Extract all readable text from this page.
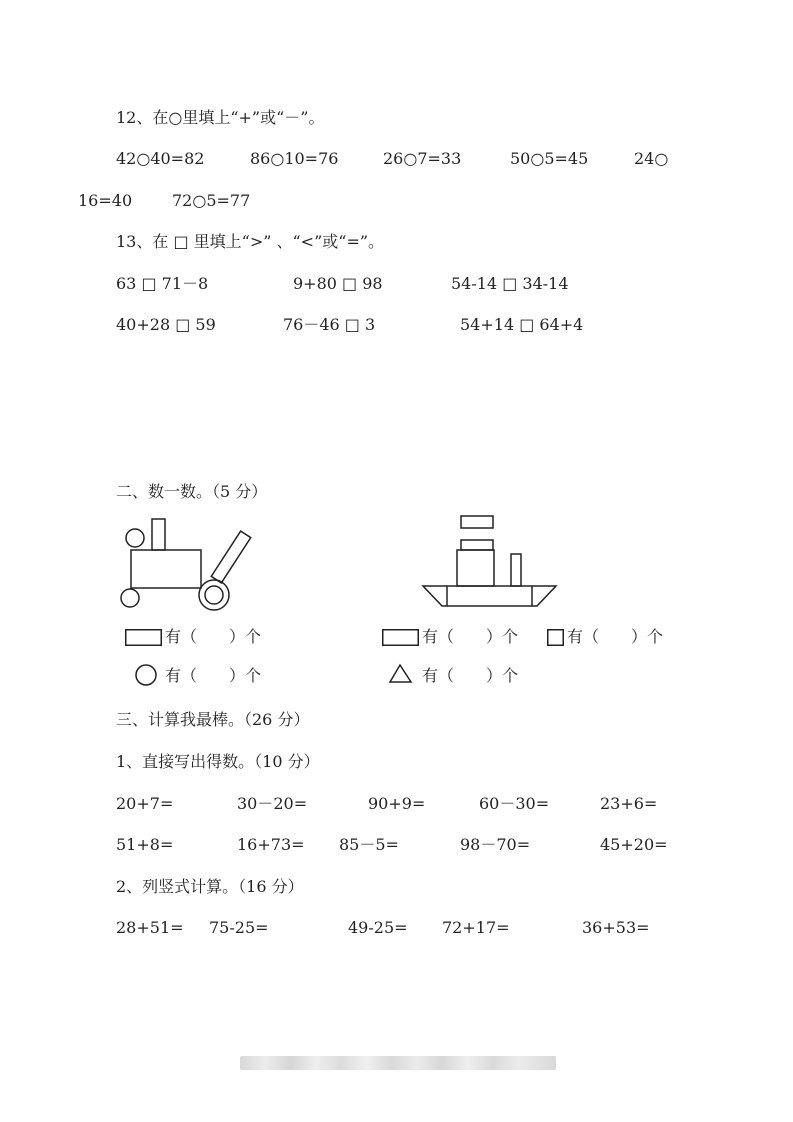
12、在○里填上“+”或“－”。
42○40=82	86○10=76	26○7=33	50○5=45	24○
16=40 72○5=77
13、在 □ 里填上“>” 、“<”或“=”。
63 □ 71－8	9+80 □ 98	54-14 □ 34-14
40+28 □ 59	76－46 □ 3	54+14 □ 64+4
二、数一数。（5 分）
有（　　）个	有（　　）个	有（　　）个
有（　　）个	有（　　）个
三、计算我最棒。（26 分）
1、直接写出得数。（10 分）
20+7=	30－20=	90+9=	60－30=	23+6=
51+8=	16+73= 85－5=	98－70=	45+20=
2、列竖式计算。（16 分）
28+51= 75-25=	49-25= 72+17=	36+53=
